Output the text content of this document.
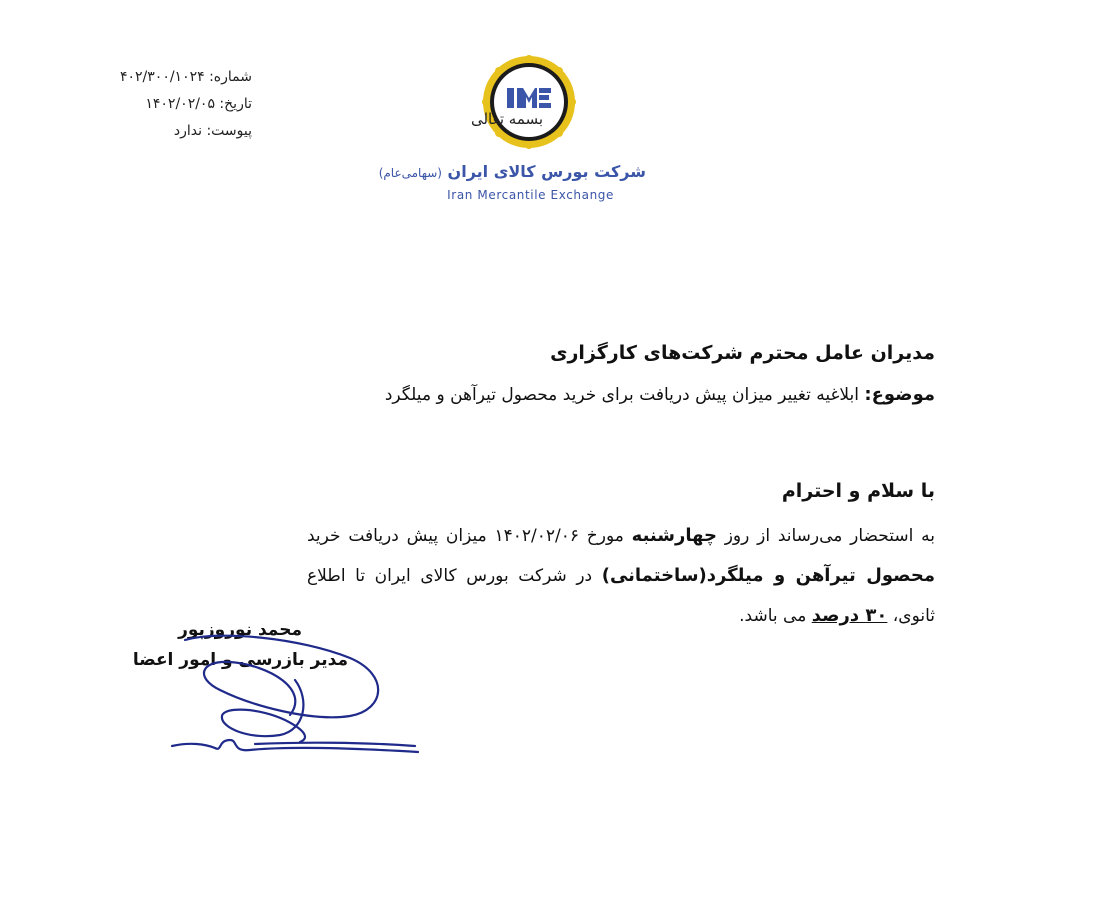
شماره: ۴۰۲/۳۰۰/۱۰۲۴
تاریخ: ۱۴۰۲/۰۲/۰۵
پیوست: ندارد
بسمه تعالی
شرکت بورس کالای ایران (سهامی‌عام)
Iran Mercantile Exchange
مدیران عامل محترم شرکت‌های کارگزاری
موضوع: ابلاغیه تغییر میزان پیش دریافت برای خرید محصول تیرآهن و میلگرد
با سلام و احترام
به استحضار می‌رساند از روز چهارشنبه مورخ ۱۴۰۲/۰۲/۰۶ میزان پیش دریافت خرید محصول تیرآهن و میلگرد(ساختمانی) در شرکت بورس کالای ایران تا اطلاع ثانوی، ۳۰ درصد می باشد.
محمد نوروزپور
مدیر بازرسی و امور اعضا
